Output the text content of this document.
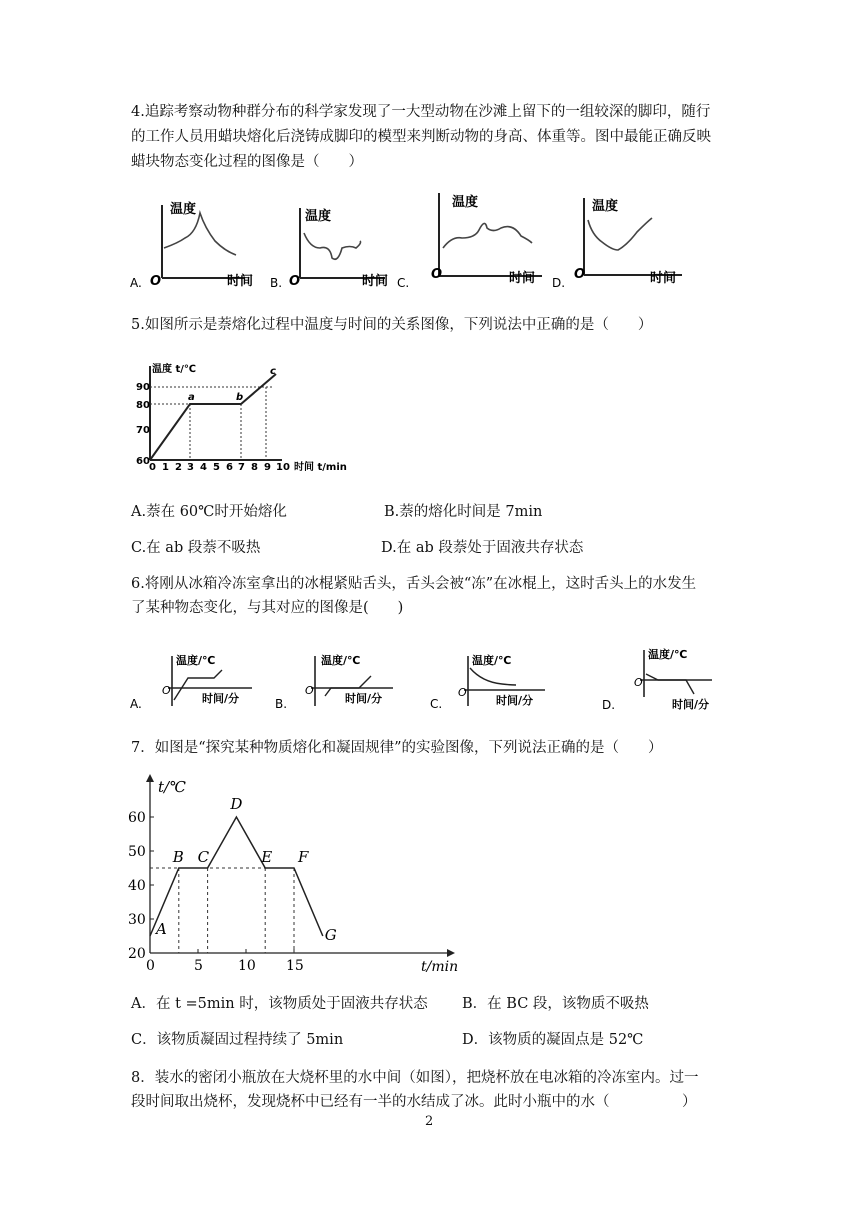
4.追踪考察动物种群分布的科学家发现了一大型动物在沙滩上留下的一组较深的脚印，随行
的工作人员用蜡块熔化后浇铸成脚印的模型来判断动物的身高、体重等。图中最能正确反映
蜡块物态变化过程的图像是（　　）
温度
时间
O
A.
温度
时间
O
B.
温度
时间
O
C.
温度
时间
O
D.
5.如图所示是萘熔化过程中温度与时间的关系图像，下列说法中正确的是（　　）
温度 t/℃
60
70
80
90
0 1 2 3 4 5 6 7 8 9 10 时间 t/min
a	b
c
A.萘在 60℃时开始熔化	B.萘的熔化时间是 7min
C.在 ab 段萘不吸热	D.在 ab 段萘处于固液共存状态
6.将刚从冰箱冷冻室拿出的冰棍紧贴舌头，舌头会被“冻”在冰棍上，这时舌头上的水发生
了某种物态变化，与其对应的图像是(　　)
温度/℃
时间/分
O
A.
温度/℃
时间/分
O
B.
温度/℃
时间/分
O
C.
温度/℃
时间/分
O
D.
7．如图是“探究某种物质熔化和凝固规律”的实验图像，下列说法正确的是（　　）
t/℃
t/min
20
30
40
50
60
0	5	10 15
A
B C
D
E F
G
A．在 t =5min 时，该物质处于固液共存状态 B．在 BC 段，该物质不吸热
C．该物质凝固过程持续了 5min	D．该物质的凝固点是 52℃
8．装水的密闭小瓶放在大烧杯里的水中间（如图），把烧杯放在电冰箱的冷冻室内。过一
段时间取出烧杯，发现烧杯中已经有一半的水结成了冰。此时小瓶中的水（　　　　　）
2
